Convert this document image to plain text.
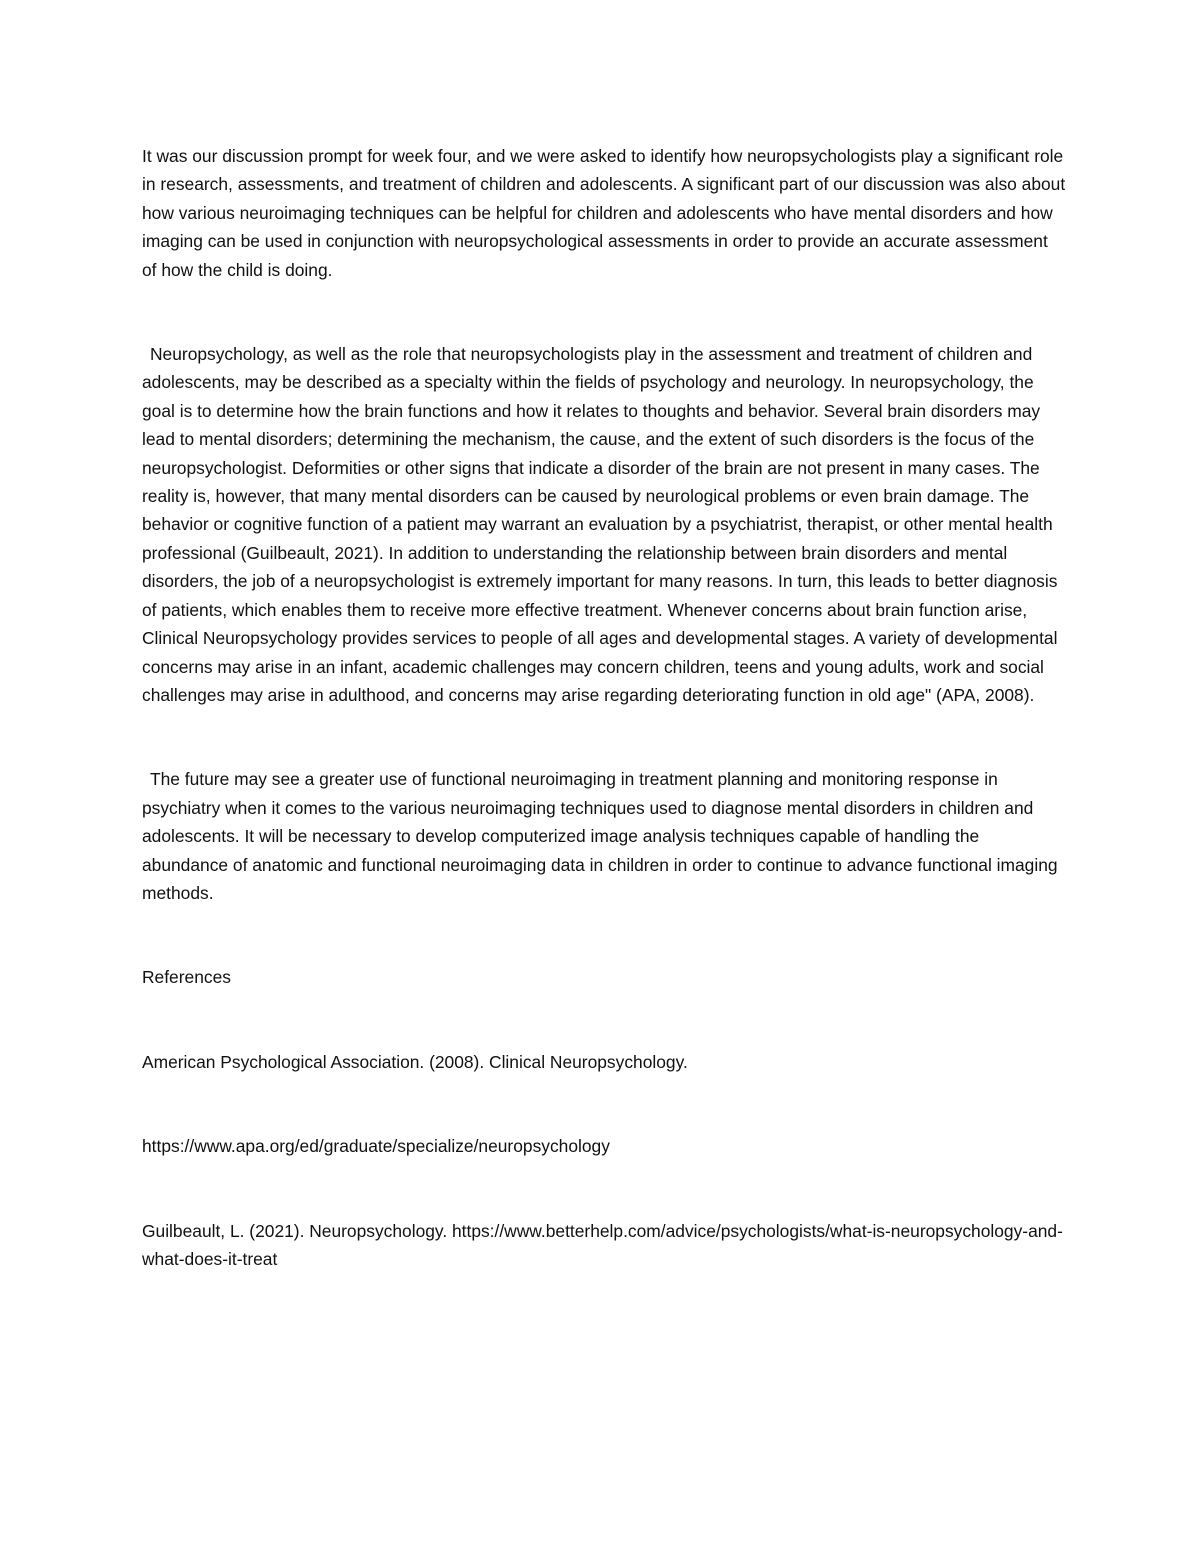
It was our discussion prompt for week four, and we were asked to identify how neuropsychologists play a significant role in research, assessments, and treatment of children and adolescents. A significant part of our discussion was also about how various neuroimaging techniques can be helpful for children and adolescents who have mental disorders and how imaging can be used in conjunction with neuropsychological assessments in order to provide an accurate assessment of how the child is doing.

Neuropsychology, as well as the role that neuropsychologists play in the assessment and treatment of children and adolescents, may be described as a specialty within the fields of psychology and neurology. In neuropsychology, the goal is to determine how the brain functions and how it relates to thoughts and behavior. Several brain disorders may lead to mental disorders; determining the mechanism, the cause, and the extent of such disorders is the focus of the neuropsychologist. Deformities or other signs that indicate a disorder of the brain are not present in many cases. The reality is, however, that many mental disorders can be caused by neurological problems or even brain damage. The behavior or cognitive function of a patient may warrant an evaluation by a psychiatrist, therapist, or other mental health professional (Guilbeault, 2021). In addition to understanding the relationship between brain disorders and mental disorders, the job of a neuropsychologist is extremely important for many reasons. In turn, this leads to better diagnosis of patients, which enables them to receive more effective treatment. Whenever concerns about brain function arise, Clinical Neuropsychology provides services to people of all ages and developmental stages. A variety of developmental concerns may arise in an infant, academic challenges may concern children, teens and young adults, work and social challenges may arise in adulthood, and concerns may arise regarding deteriorating function in old age" (APA, 2008).

The future may see a greater use of functional neuroimaging in treatment planning and monitoring response in psychiatry when it comes to the various neuroimaging techniques used to diagnose mental disorders in children and adolescents. It will be necessary to develop computerized image analysis techniques capable of handling the abundance of anatomic and functional neuroimaging data in children in order to continue to advance functional imaging methods.

References

American Psychological Association. (2008). Clinical Neuropsychology.

https://www.apa.org/ed/graduate/specialize/neuropsychology

Guilbeault, L. (2021). Neuropsychology. https://www.betterhelp.com/advice/psychologists/what-is-neuropsychology-and-what-does-it-treat
